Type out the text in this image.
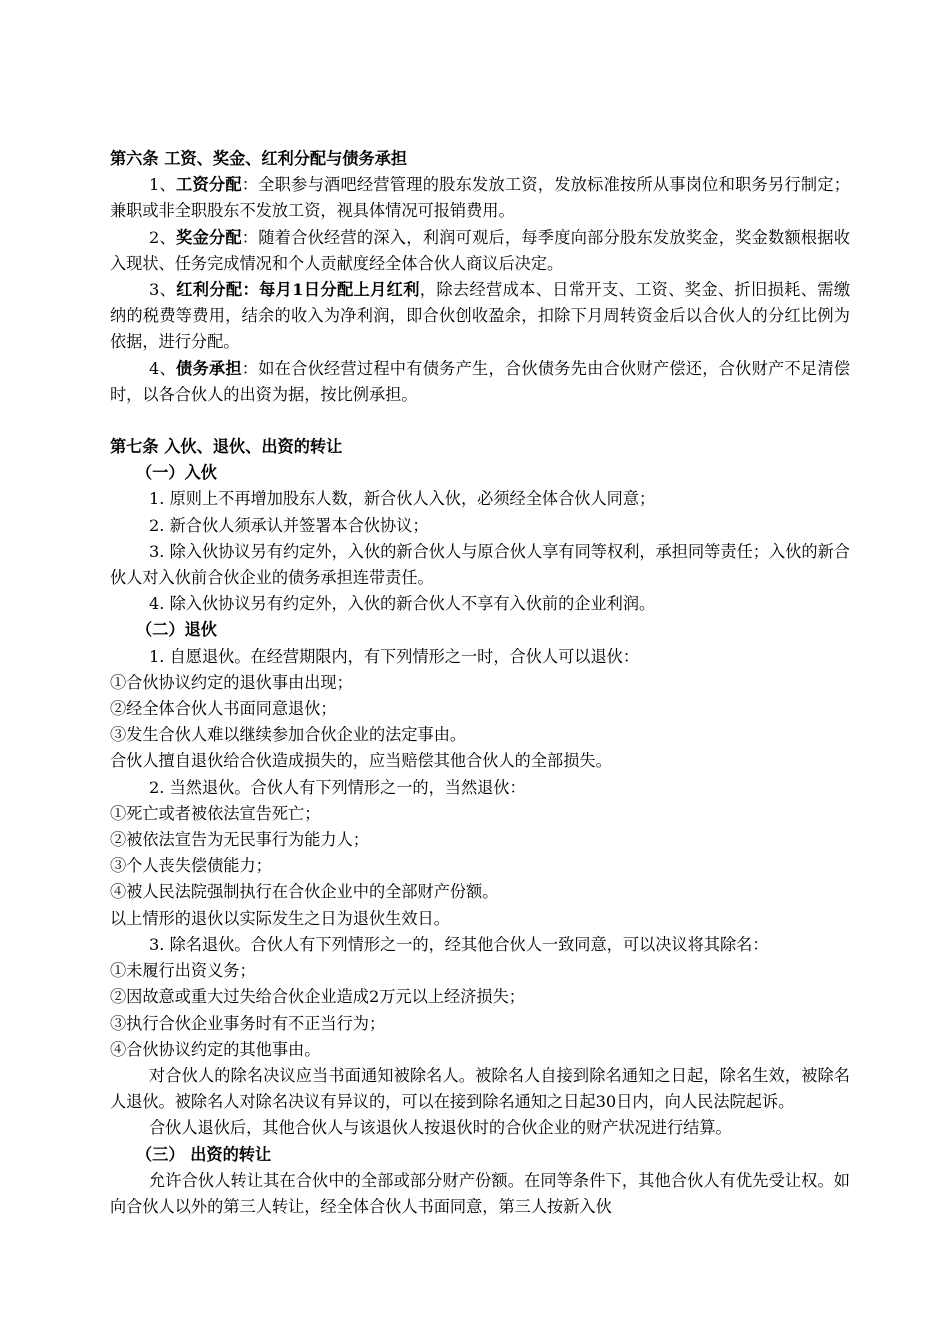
第六条 工资、奖金、红利分配与债务承担

1、工资分配：全职参与酒吧经营管理的股东发放工资，发放标准按所从事岗位和职务另行制定；兼职或非全职股东不发放工资，视具体情况可报销费用。

2、奖金分配：随着合伙经营的深入，利润可观后，每季度向部分股东发放奖金，奖金数额根据收入现状、任务完成情况和个人贡献度经全体合伙人商议后决定。

3、红利分配：每月1日分配上月红利，除去经营成本、日常开支、工资、奖金、折旧损耗、需缴纳的税费等费用，结余的收入为净利润，即合伙创收盈余，扣除下月周转资金后以合伙人的分红比例为依据，进行分配。

4、债务承担：如在合伙经营过程中有债务产生，合伙债务先由合伙财产偿还，合伙财产不足清偿时，以各合伙人的出资为据，按比例承担。

第七条 入伙、退伙、出资的转让

（一）入伙

1. 原则上不再增加股东人数，新合伙人入伙，必须经全体合伙人同意；

2. 新合伙人须承认并签署本合伙协议；

3. 除入伙协议另有约定外，入伙的新合伙人与原合伙人享有同等权利，承担同等责任；入伙的新合伙人对入伙前合伙企业的债务承担连带责任。

4. 除入伙协议另有约定外，入伙的新合伙人不享有入伙前的企业利润。

（二）退伙

1. 自愿退伙。在经营期限内，有下列情形之一时，合伙人可以退伙：

①合伙协议约定的退伙事由出现；

②经全体合伙人书面同意退伙；

③发生合伙人难以继续参加合伙企业的法定事由。

合伙人擅自退伙给合伙造成损失的，应当赔偿其他合伙人的全部损失。

2. 当然退伙。合伙人有下列情形之一的，当然退伙：

①死亡或者被依法宣告死亡；

②被依法宣告为无民事行为能力人；

③个人丧失偿债能力；

④被人民法院强制执行在合伙企业中的全部财产份额。

以上情形的退伙以实际发生之日为退伙生效日。

3. 除名退伙。合伙人有下列情形之一的，经其他合伙人一致同意，可以决议将其除名：

①未履行出资义务；

②因故意或重大过失给合伙企业造成2万元以上经济损失；

③执行合伙企业事务时有不正当行为；

④合伙协议约定的其他事由。

对合伙人的除名决议应当书面通知被除名人。被除名人自接到除名通知之日起，除名生效，被除名人退伙。被除名人对除名决议有异议的，可以在接到除名通知之日起30日内，向人民法院起诉。

合伙人退伙后，其他合伙人与该退伙人按退伙时的合伙企业的财产状况进行结算。

（三） 出资的转让

允许合伙人转让其在合伙中的全部或部分财产份额。在同等条件下，其他合伙人有优先受让权。如向合伙人以外的第三人转让，经全体合伙人书面同意，第三人按新入伙
